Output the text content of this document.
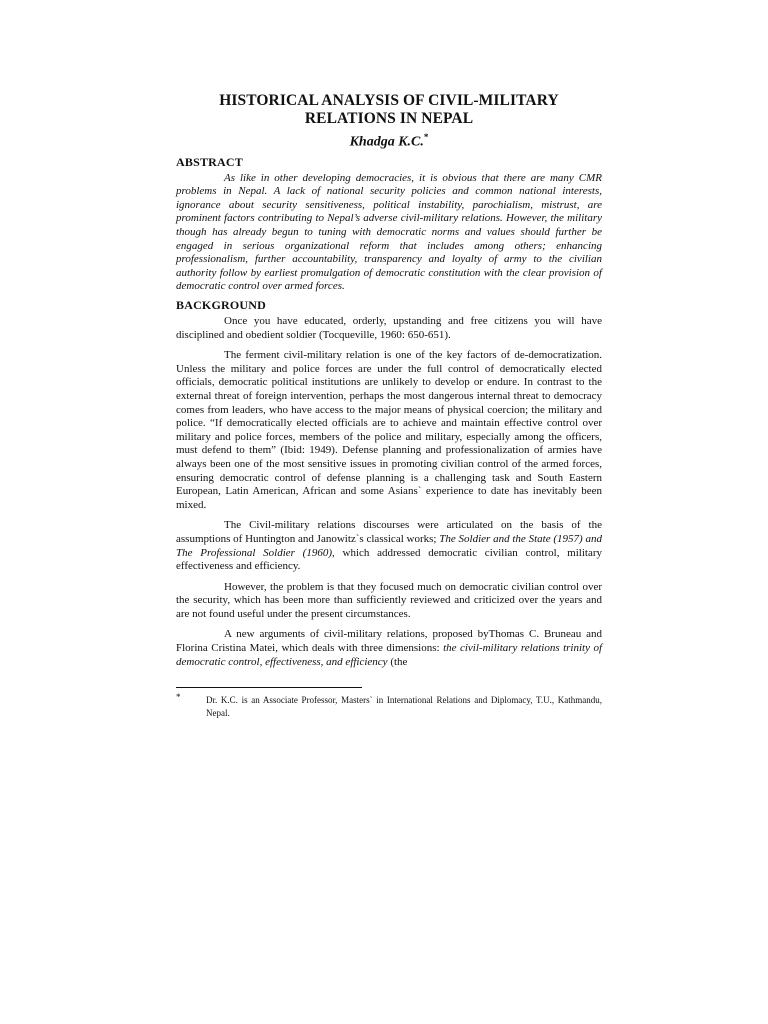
HISTORICAL ANALYSIS OF CIVIL-MILITARY
RELATIONS IN NEPAL
Khadga K.C.*
ABSTRACT

As like in other developing democracies, it is obvious that there are many CMR problems in Nepal. A lack of national security policies and common national interests, ignorance about security sensitiveness, political instability, parochialism, mistrust, are prominent factors contributing to Nepal’s adverse civil-military relations. However, the military though has already begun to tuning with democratic norms and values should further be engaged in serious organizational reform that includes among others; enhancing professionalism, further accountability, transparency and loyalty of army to the civilian authority follow by earliest promulgation of democratic constitution with the clear provision of democratic control over armed forces.

BACKGROUND

Once you have educated, orderly, upstanding and free citizens you will have disciplined and obedient soldier (Tocqueville, 1960: 650-651).

The ferment civil-military relation is one of the key factors of de-democratization. Unless the military and police forces are under the full control of democratically elected officials, democratic political institutions are unlikely to develop or endure. In contrast to the external threat of foreign intervention, perhaps the most dangerous internal threat to democracy comes from leaders, who have access to the major means of physical coercion; the military and police. “If democratically elected officials are to achieve and maintain effective control over military and police forces, members of the police and military, especially among the officers, must defend to them” (Ibid: 1949). Defense planning and professionalization of armies have always been one of the most sensitive issues in promoting civilian control of the armed forces, ensuring democratic control of defense planning is a challenging task and South Eastern European, Latin American, African and some Asians` experience to date has inevitably been mixed.

The Civil-military relations discourses were articulated on the basis of the assumptions of Huntington and Janowitz`s classical works; The Soldier and the State (1957) and The Professional Soldier (1960), which addressed democratic civilian control, military effectiveness and efficiency.

However, the problem is that they focused much on democratic civilian control over the security, which has been more than sufficiently reviewed and criticized over the years and are not found useful under the present circumstances.

A new arguments of civil-military relations, proposed byThomas C. Bruneau and Florina Cristina Matei, which deals with three dimensions: the civil-military relations trinity of democratic control, effectiveness, and efficiency (the

*	Dr. K.C. is an Associate Professor, Masters` in International Relations and Diplomacy, T.U., Kathmandu, Nepal.
